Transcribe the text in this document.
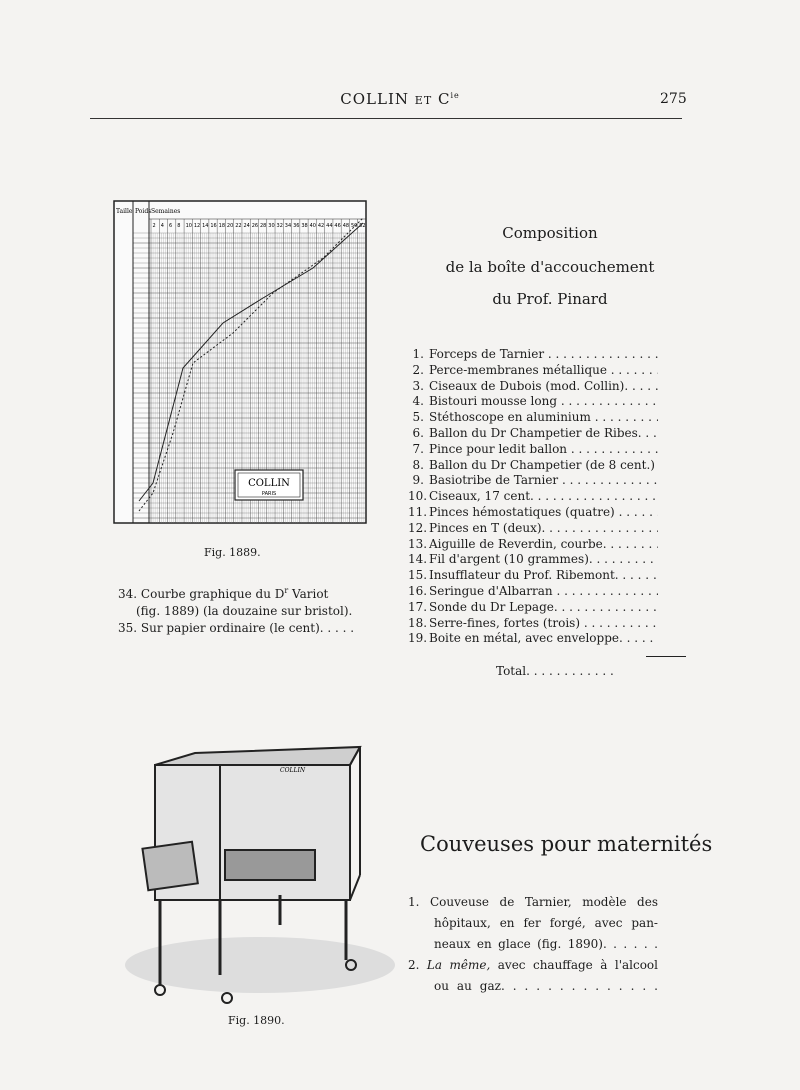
COLLIN ET $C^{ie}$	275
Taille Poids Semaines
2 4 6 8 10 12 14 16 18 20 22 24 26 28 30 32 34 36 38 40 42 44 46 48 50 52
COLLIN
PARIS
Fig. 1889.
34. Courbe graphique du $D^r$ Variot
(fig. 1889) (la douzaine sur bristol).
35. Sur papier ordinaire (le cent). . . . .
Composition
de la boîte d'accouchement
du Prof. Pinard
1. Forceps de Tarnier . . .
2. Perce-membranes métallique . . .
3. Ciseaux de Dubois (mod. Collin). . . .
4. Bistouri mousse long . . .
5. Stéthoscope en aluminium . . .
6. Ballon du Dr Champetier de Ribes. . . .
7. Pince pour ledit ballon . . .
8. Ballon du Dr Champetier (de 8 cent.) . . .
9. Basiotribe de Tarnier . . .
10. Ciseaux, 17 cent. . . .
11. Pinces hémostatiques (quatre) . . .
12. Pinces en T (deux). . . .
13. Aiguille de Reverdin, courbe. . . .
14. Fil d'argent (10 grammes). . . .
15. Insufflateur du Prof. Ribemont. . . .
16. Seringue d'Albarran . . .
17. Sonde du Dr Lepage. . . .
18. Serre-fines, fortes (trois) . . .
19. Boite en métal, avec enveloppe. . . .
Total. . . . . . . . . . . .
COLLIN
Fig. 1890.
Couveuses pour maternités
1. Couveuse de Tarnier, modèle des
hôpitaux, en fer forgé, avec pan-
neaux en glace (fig. 1890). . . . . .
2. La même, avec chauffage à l'alcool
ou au gaz. . . . . . . . . . . . . .
